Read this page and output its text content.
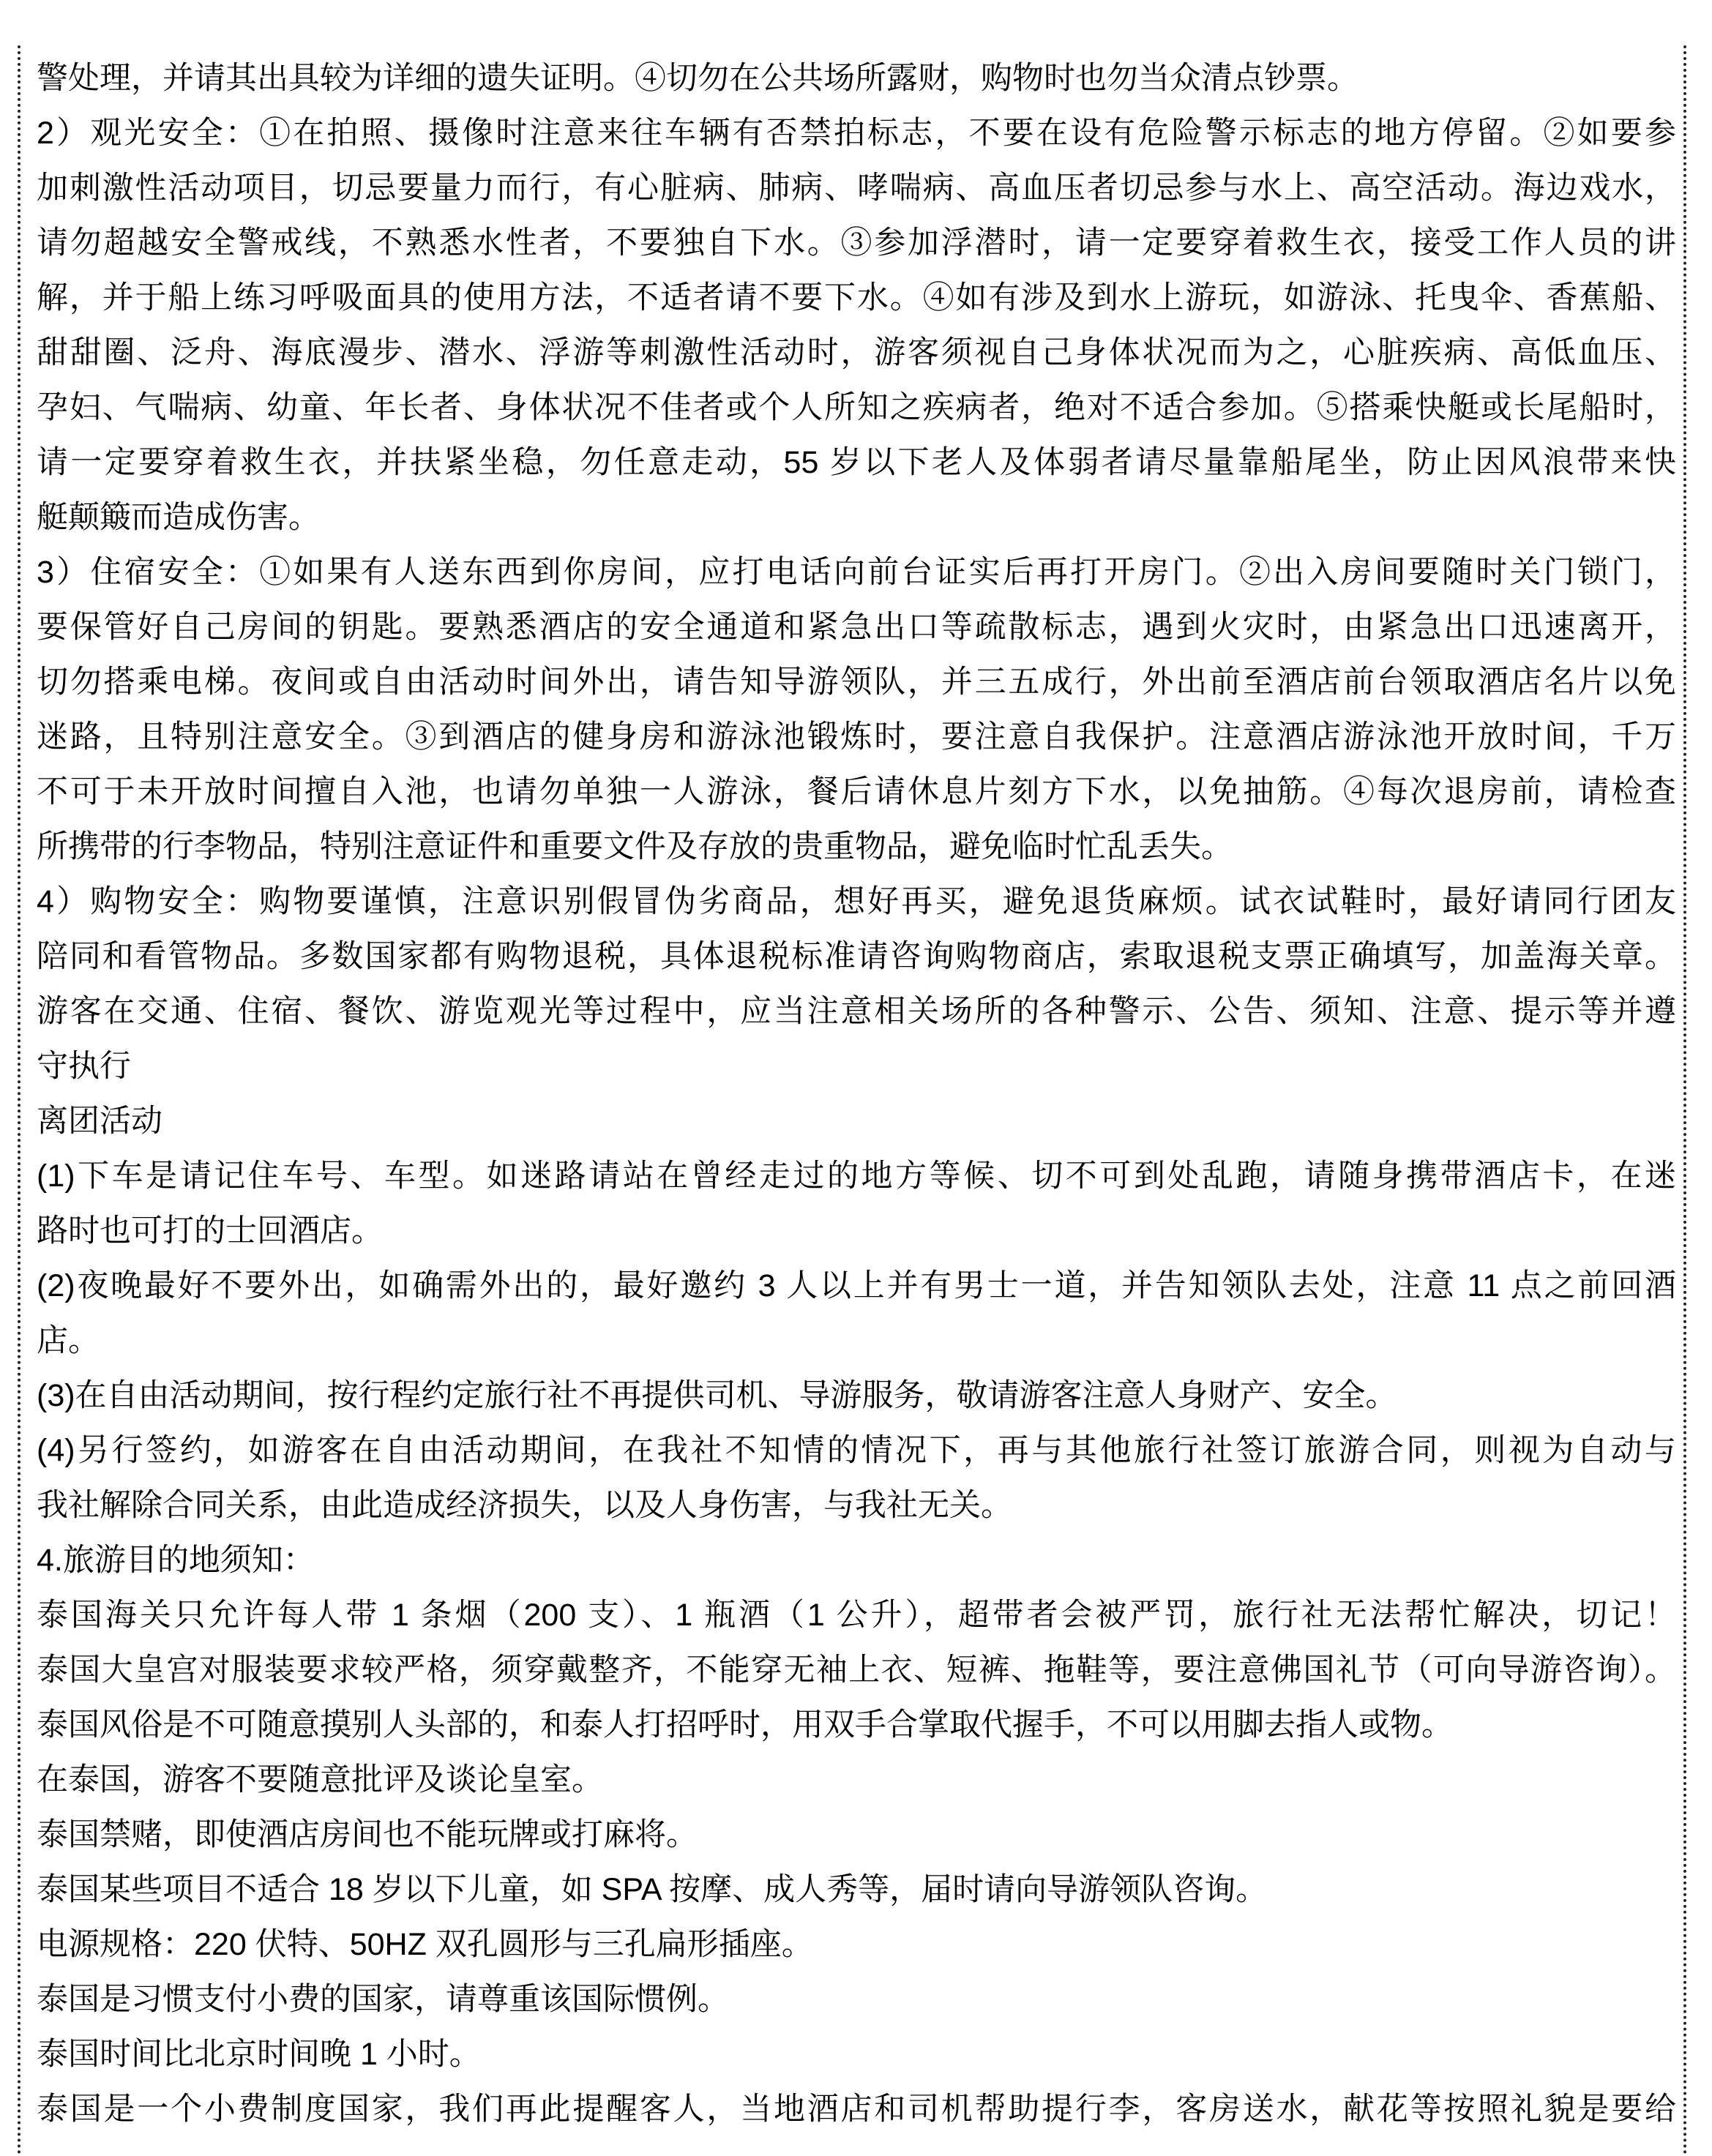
警处理，并请其出具较为详细的遗失证明。④切勿在公共场所露财，购物时也勿当众清点钞票。
2）观光安全：①在拍照、摄像时注意来往车辆有否禁拍标志，不要在设有危险警示标志的地方停留。②如要参
加刺激性活动项目，切忌要量力而行，有心脏病、肺病、哮喘病、高血压者切忌参与水上、高空活动。海边戏水，
请勿超越安全警戒线，不熟悉水性者，不要独自下水。③参加浮潜时，请一定要穿着救生衣，接受工作人员的讲
解，并于船上练习呼吸面具的使用方法，不适者请不要下水。④如有涉及到水上游玩，如游泳、托曳伞、香蕉船、
甜甜圈、泛舟、海底漫步、潜水、浮游等刺激性活动时，游客须视自己身体状况而为之，心脏疾病、高低血压、
孕妇、气喘病、幼童、年长者、身体状况不佳者或个人所知之疾病者，绝对不适合参加。⑤搭乘快艇或长尾船时，
请一定要穿着救生衣，并扶紧坐稳，勿任意走动，55 岁以下老人及体弱者请尽量靠船尾坐，防止因风浪带来快
艇颠簸而造成伤害。
3）住宿安全：①如果有人送东西到你房间，应打电话向前台证实后再打开房门。②出入房间要随时关门锁门，
要保管好自己房间的钥匙。要熟悉酒店的安全通道和紧急出口等疏散标志，遇到火灾时，由紧急出口迅速离开，
切勿搭乘电梯。夜间或自由活动时间外出，请告知导游领队，并三五成行，外出前至酒店前台领取酒店名片以免
迷路，且特别注意安全。③到酒店的健身房和游泳池锻炼时，要注意自我保护。注意酒店游泳池开放时间，千万
不可于未开放时间擅自入池，也请勿单独一人游泳，餐后请休息片刻方下水，以免抽筋。④每次退房前，请检查
所携带的行李物品，特别注意证件和重要文件及存放的贵重物品，避免临时忙乱丢失。
4）购物安全：购物要谨慎，注意识别假冒伪劣商品，想好再买，避免退货麻烦。试衣试鞋时，最好请同行团友
陪同和看管物品。多数国家都有购物退税，具体退税标准请咨询购物商店，索取退税支票正确填写，加盖海关章。
游客在交通、住宿、餐饮、游览观光等过程中，应当注意相关场所的各种警示、公告、须知、注意、提示等并遵
守执行
离团活动
(1)下车是请记住车号、车型。如迷路请站在曾经走过的地方等候、切不可到处乱跑，请随身携带酒店卡，在迷
路时也可打的士回酒店。
(2)夜晚最好不要外出，如确需外出的，最好邀约 3 人以上并有男士一道，并告知领队去处，注意 11 点之前回酒
店。
(3)在自由活动期间，按行程约定旅行社不再提供司机、导游服务，敬请游客注意人身财产、安全。
(4)另行签约，如游客在自由活动期间，在我社不知情的情况下，再与其他旅行社签订旅游合同，则视为自动与
我社解除合同关系，由此造成经济损失，以及人身伤害，与我社无关。
4.旅游目的地须知：
泰国海关只允许每人带 1 条烟（200 支）、1 瓶酒（1 公升），超带者会被严罚，旅行社无法帮忙解决，切记！
泰国大皇宫对服装要求较严格，须穿戴整齐，不能穿无袖上衣、短裤、拖鞋等，要注意佛国礼节（可向导游咨询）。
泰国风俗是不可随意摸别人头部的，和泰人打招呼时，用双手合掌取代握手，不可以用脚去指人或物。
在泰国，游客不要随意批评及谈论皇室。
泰国禁赌，即使酒店房间也不能玩牌或打麻将。
泰国某些项目不适合 18 岁以下儿童，如 SPA 按摩、成人秀等，届时请向导游领队咨询。
电源规格：220 伏特、50HZ 双孔圆形与三孔扁形插座。
泰国是习惯支付小费的国家，请尊重该国际惯例。
泰国时间比北京时间晚 1 小时。
泰国是一个小费制度国家，我们再此提醒客人，当地酒店和司机帮助提行李，客房送水，献花等按照礼貌是要给
